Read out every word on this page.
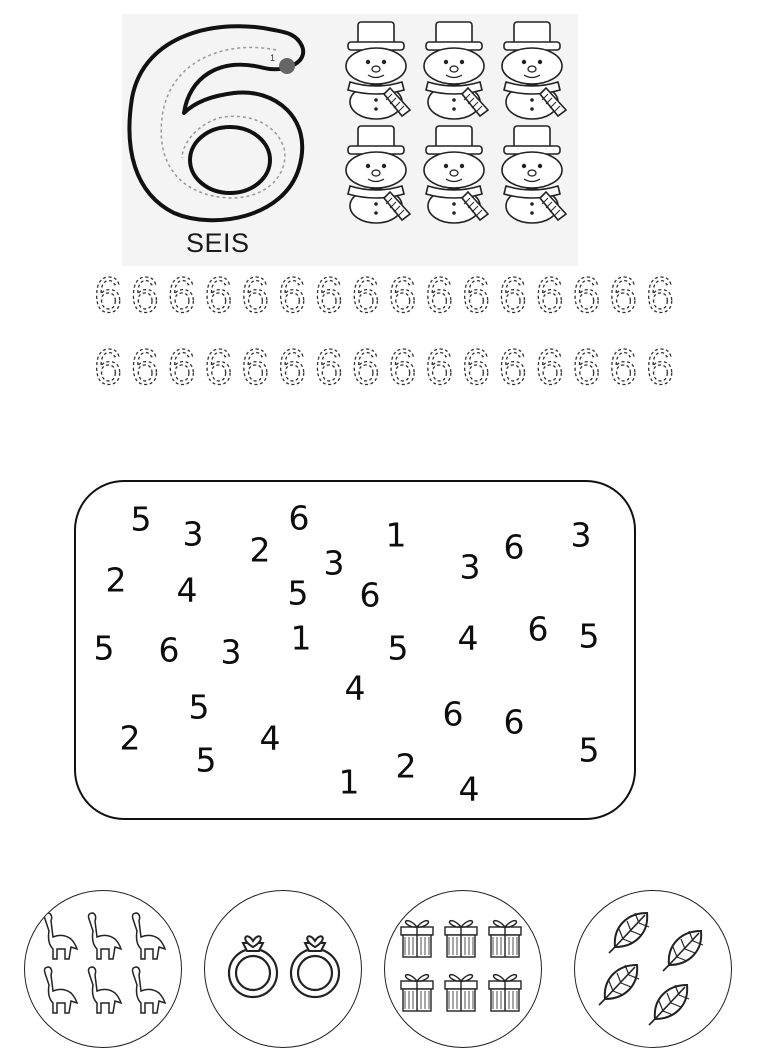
1
SEIS
6 6 6 6 6 6 6 6 6 6 6 6 6 6 6 6
6 6 6 6 6 6 6 6 6 6 6 6 6 6 6 6
5 3 2
6
3
1
3
6 3
2 4	5 6
5 6 3 1 5 4 6 5
4
5	6
2	4	6
5
5
1 2
4
